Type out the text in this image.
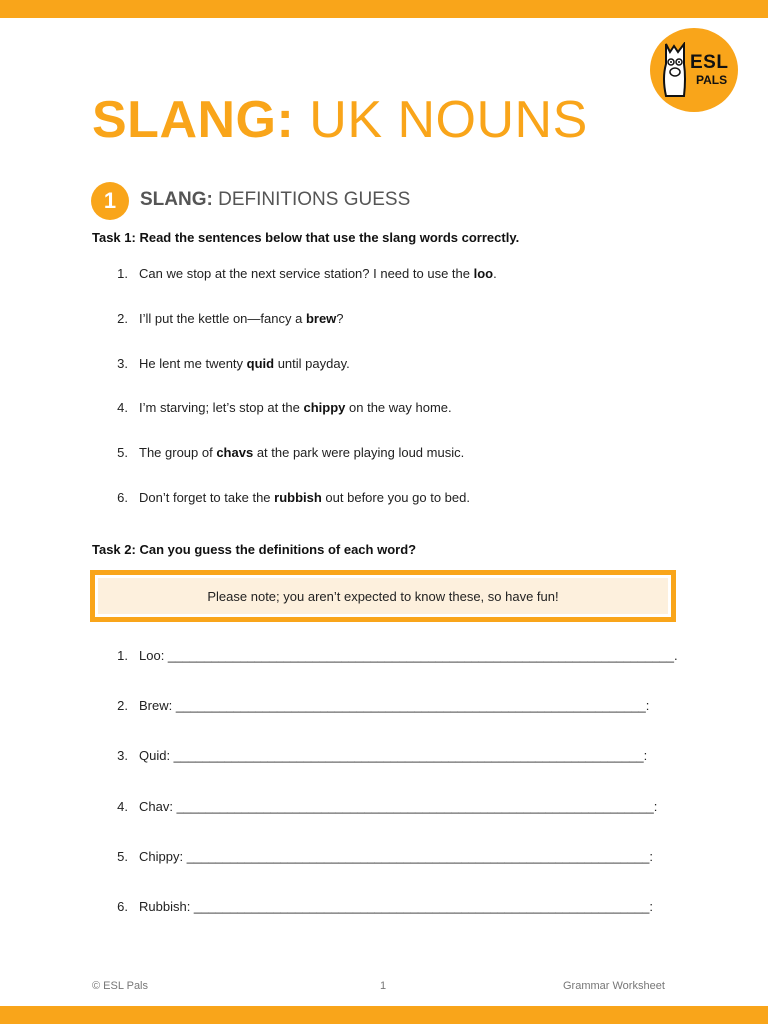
ESL
PALS
SLANG: UK NOUNS
1	SLANG: DEFINITIONS GUESS
Task 1: Read the sentences below that use the slang words correctly.
1. Can we stop at the next service station? I need to use the loo.
2. I’ll put the kettle on—fancy a brew?
3. He lent me twenty quid until payday.
4. I’m starving; let’s stop at the chippy on the way home.
5. The group of chavs at the park were playing loud music.
6. Don’t forget to take the rubbish out before you go to bed.
Task 2: Can you guess the definitions of each word?
Please note; you aren’t expected to know these, so have fun!
1. Loo: ______________________________________________________________________.
2. Brew: _________________________________________________________________:
3. Quid: _________________________________________________________________:
4. Chav: __________________________________________________________________:
5. Chippy: ________________________________________________________________:
6. Rubbish: _______________________________________________________________:
© ESL Pals	1	Grammar Worksheet
